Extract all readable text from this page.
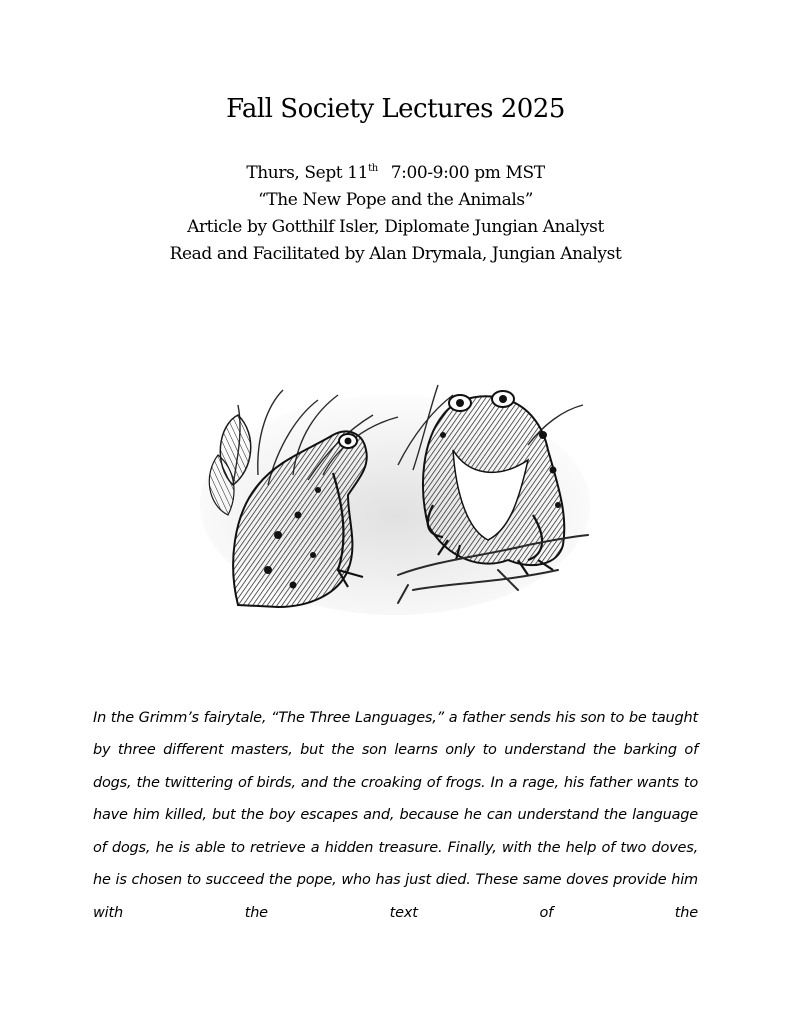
Fall Society Lectures 2025
Thurs, Sept 11th 7:00-9:00 pm MST
“The New Pope and the Animals”
Article by Gotthilf Isler, Diplomate Jungian Analyst
Read and Facilitated by Alan Drymala, Jungian Analyst

In the Grimm’s fairytale, “The Three Languages,” a father sends his son to be taught by three different masters, but the son learns only to understand the barking of dogs, the twittering of birds, and the croaking of frogs. In a rage, his father wants to have him killed, but the boy escapes and, because he can understand the language of dogs, he is able to retrieve a hidden treasure. Finally, with the help of two doves, he is chosen to succeed the pope, who has just died. These same doves provide him with the text of the
